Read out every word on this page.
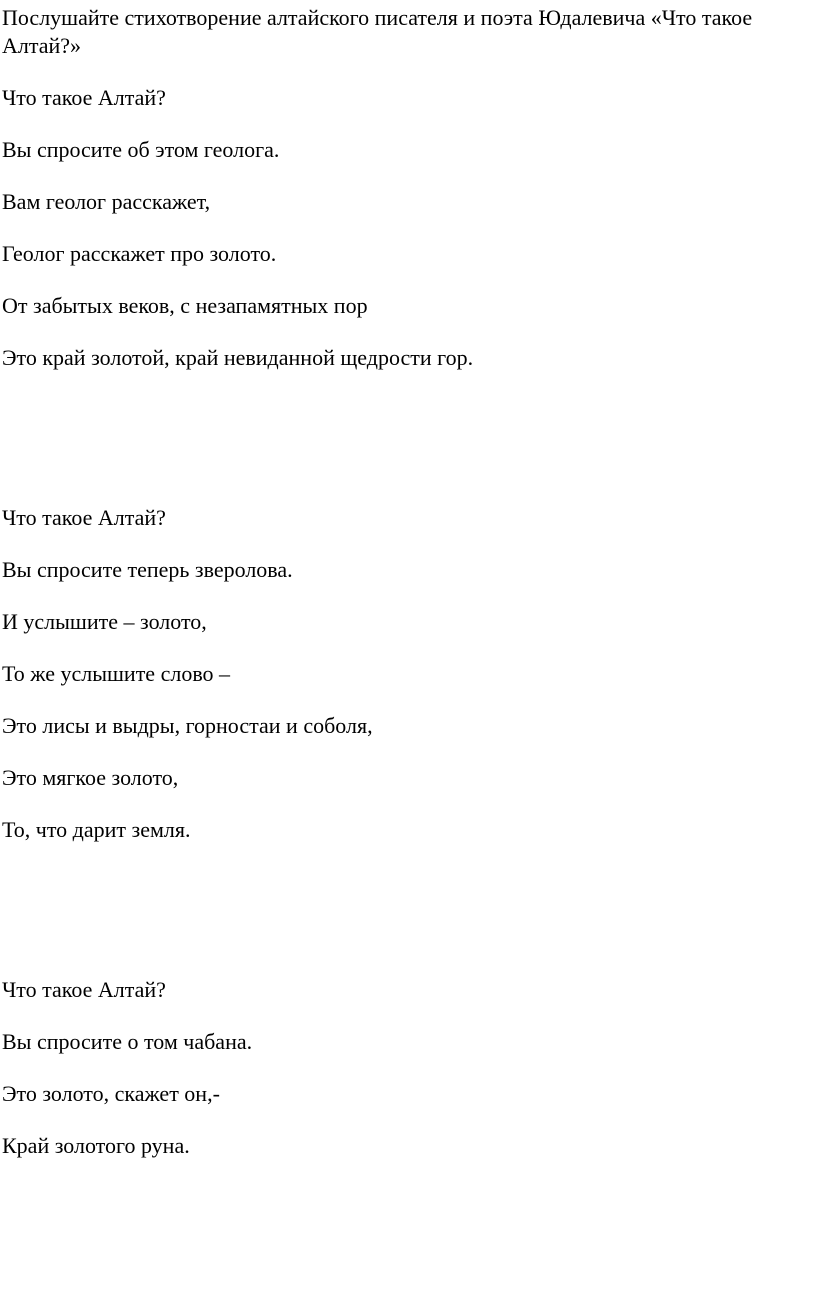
Послушайте стихотворение алтайского писателя и поэта Юдалевича «Что такое Алтай?»

Что такое Алтай?

Вы спросите об этом геолога.

Вам геолог расскажет,

Геолог расскажет про золото.

От забытых веков, с незапамятных пор

Это край золотой, край невиданной щедрости гор.

Что такое Алтай?

Вы спросите теперь зверолова.

И услышите – золото,

То же услышите слово –

Это лисы и выдры, горностаи и соболя,

Это мягкое золото,

То, что дарит земля.

Что такое Алтай?

Вы спросите о том чабана.

Это золото, скажет он,-

Край золотого руна.
